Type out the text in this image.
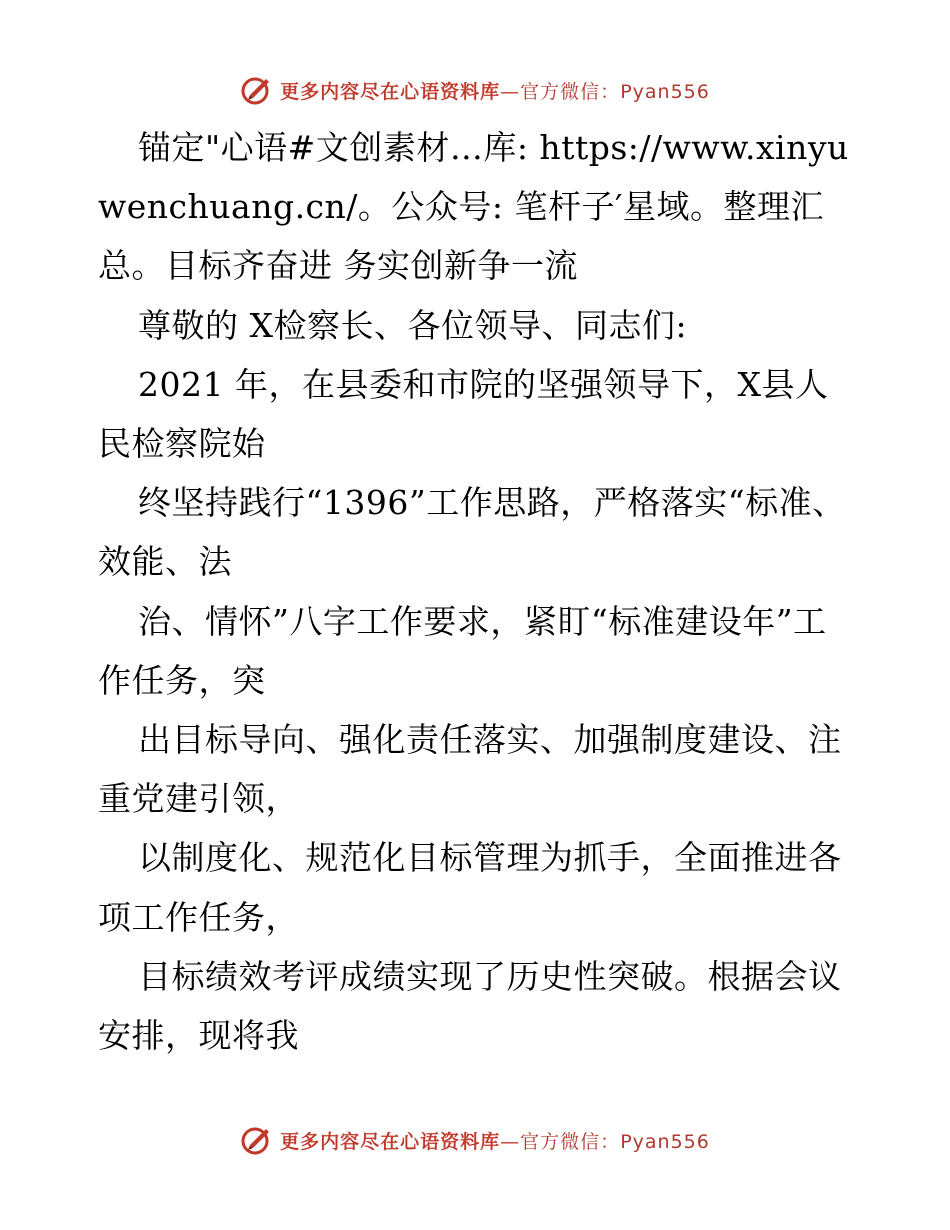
更多内容尽在心语资料库—官方微信：Pyan556

锚定"心语#文创素材…库: https://www.xinyuwenchuang.cn/。公众号: 笔杆子′星域。整理汇总。目标齐奋进 务实创新争一流

尊敬的 X检察长、各位领导、同志们:

2021 年，在县委和市院的坚强领导下，X县人民检察院始

终坚持践行“1396”工作思路，严格落实“标准、效能、法

治、情怀”八字工作要求，紧盯“标准建设年”工作任务，突

出目标导向、强化责任落实、加强制度建设、注重党建引领，

以制度化、规范化目标管理为抓手，全面推进各项工作任务，

目标绩效考评成绩实现了历史性突破。根据会议安排，现将我

更多内容尽在心语资料库—官方微信：Pyan556
